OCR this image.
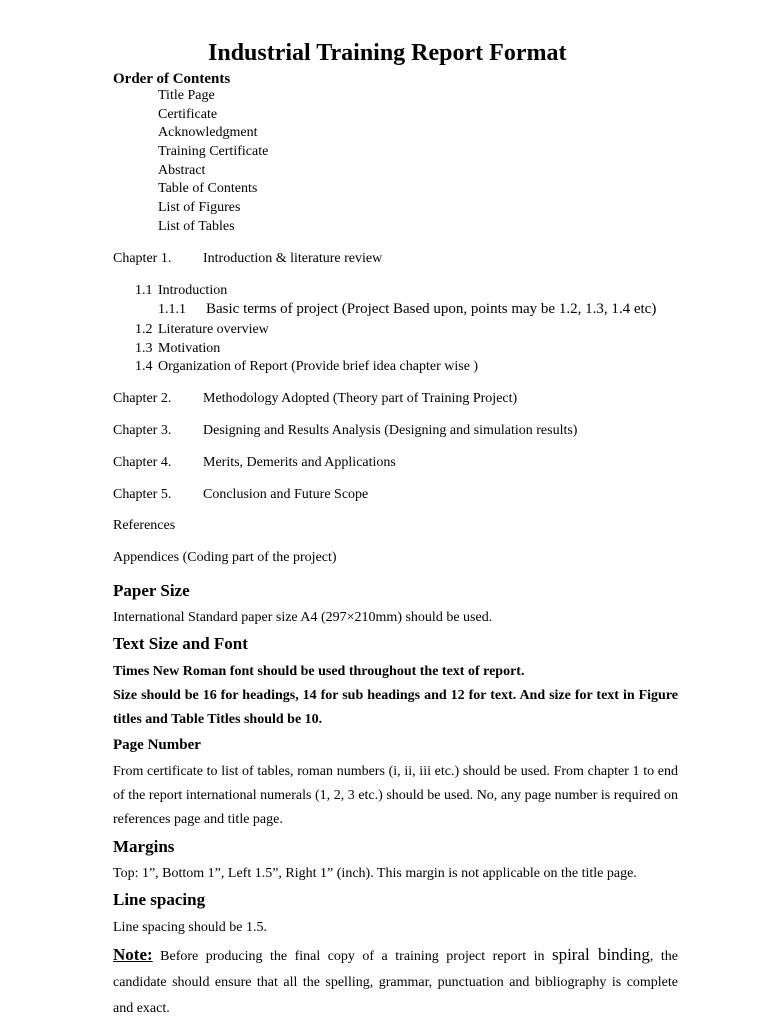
Industrial Training Report Format
Order of Contents
Title Page
Certificate
Acknowledgment
Training Certificate
Abstract
Table of Contents
List of Figures
List of Tables
Chapter 1. Introduction & literature review
1.1 Introduction
1.1.1 Basic terms of project (Project Based upon, points may be 1.2, 1.3, 1.4 etc)
1.2 Literature overview
1.3 Motivation
1.4 Organization of Report (Provide brief idea chapter wise )
Chapter 2. Methodology Adopted (Theory part of Training Project)
Chapter 3. Designing and Results Analysis (Designing and simulation results)
Chapter 4. Merits, Demerits and Applications
Chapter 5. Conclusion and Future Scope
References
Appendices (Coding part of the project)
Paper Size
International Standard paper size A4 (297×210mm) should be used.
Text Size and Font
Times New Roman font should be used throughout the text of report.
Size should be 16 for headings, 14 for sub headings and 12 for text. And size for text in Figure titles and Table Titles should be 10.
Page Number
From certificate to list of tables, roman numbers (i, ii, iii etc.) should be used. From chapter 1 to end of the report international numerals (1, 2, 3 etc.) should be used. No, any page number is required on references page and title page.
Margins
Top: 1”, Bottom 1”, Left 1.5”, Right 1” (inch). This margin is not applicable on the title page.
Line spacing
Line spacing should be 1.5.
Note: Before producing the final copy of a training project report in spiral binding, the candidate should ensure that all the spelling, grammar, punctuation and bibliography is complete and exact.
